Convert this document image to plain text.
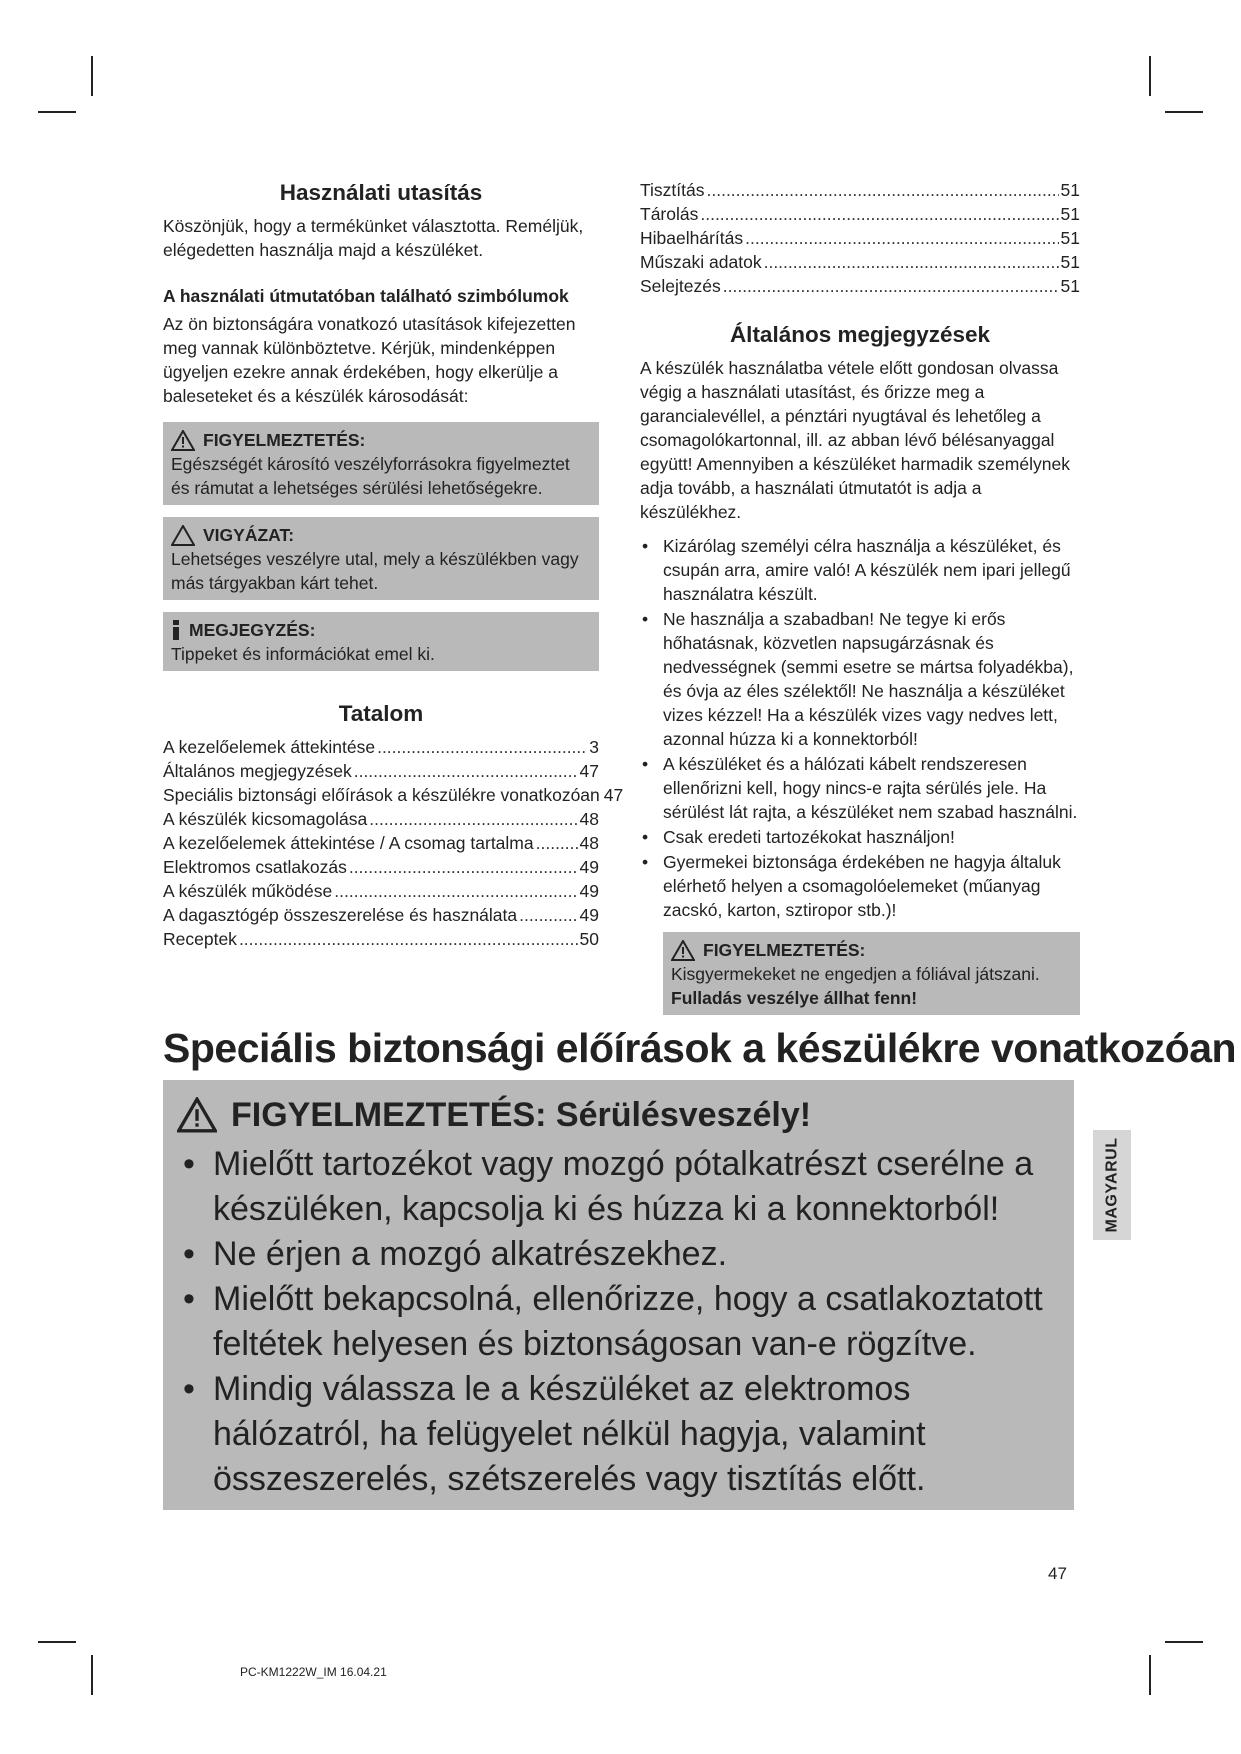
Használati utasítás

Köszönjük, hogy a termékünket választotta. Reméljük, elégedetten használja majd a készüléket.

A használati útmutatóban található szimbólumok

Az ön biztonságára vonatkozó utasítások kifejezetten meg vannak különböztetve. Kérjük, mindenképpen ügyeljen ezekre annak érdekében, hogy elkerülje a baleseteket és a készülék károsodását:

FIGYELMEZTETÉS:
Egészségét károsító veszélyforrásokra figyelmeztet és rámutat a lehetséges sérülési lehetőségekre.
VIGYÁZAT:
Lehetséges veszélyre utal, mely a készülékben vagy más tárgyakban kárt tehet.
MEGJEGYZÉS:
Tippeket és információkat emel ki.
Tatalom
A kezelőelemek áttekintése .....	3
Általános megjegyzések .....	47
Speciális biztonsági előírások a készülékre vonatkozóan 47
A készülék kicsomagolása .....	48
A kezelőelemek áttekintése / A csomag tartalma .....	48
Elektromos csatlakozás .....	49
A készülék működése .....	49
A dagasztógép összeszerelése és használata .....	49
Receptek .....	50
Tisztítás .....	51
Tárolás .....	51
Hibaelhárítás .....	51
Műszaki adatok .....	51
Selejtezés .....	51
Általános megjegyzések

A készülék használatba vétele előtt gondosan olvassa végig a használati utasítást, és őrizze meg a garancialevéllel, a pénztári nyugtával és lehetőleg a csomagolókartonnal, ill. az abban lévő bélésanyaggal együtt! Amennyiben a készüléket harmadik személynek adja tovább, a használati útmutatót is adja a készülékhez.

• Kizárólag személyi célra használja a készüléket, és csupán arra, amire való! A készülék nem ipari jellegű használatra készült.
• Ne használja a szabadban! Ne tegye ki erős hőhatásnak, közvetlen napsugárzásnak és nedvességnek (semmi esetre se mártsa folyadékba), és óvja az éles szélektől! Ne használja a készüléket vizes kézzel! Ha a készülék vizes vagy nedves lett, azonnal húzza ki a konnektorból!
• A készüléket és a hálózati kábelt rendszeresen ellenőrizni kell, hogy nincs-e rajta sérülés jele. Ha sérülést lát rajta, a készüléket nem szabad használni.
• Csak eredeti tartozékokat használjon!
• Gyermekei biztonsága érdekében ne hagyja általuk elérhető helyen a csomagolóelemeket (műanyag zacskó, karton, sztiropor stb.)!
FIGYELMEZTETÉS:
Kisgyermekeket ne engedjen a fóliával játszani. Fulladás veszélye állhat fenn!
Speciális biztonsági előírások a készülékre vonatkozóan
FIGYELMEZTETÉS: Sérülésveszély!
• Mielőtt tartozékot vagy mozgó pótalkatrészt cserélne a készüléken, kapcsolja ki és húzza ki a konnektorból!
• Ne érjen a mozgó alkatrészekhez.
• Mielőtt bekapcsolná, ellenőrizze, hogy a csatlakoztatott feltétek helyesen és biztonságosan van-e rögzítve.
• Mindig válassza le a készüléket az elektromos hálózatról, ha felügyelet nélkül hagyja, valamint összeszerelés, szétszerelés vagy tisztítás előtt.
MAGYARUL
47
PC-KM1222W_IM 16.04.21
